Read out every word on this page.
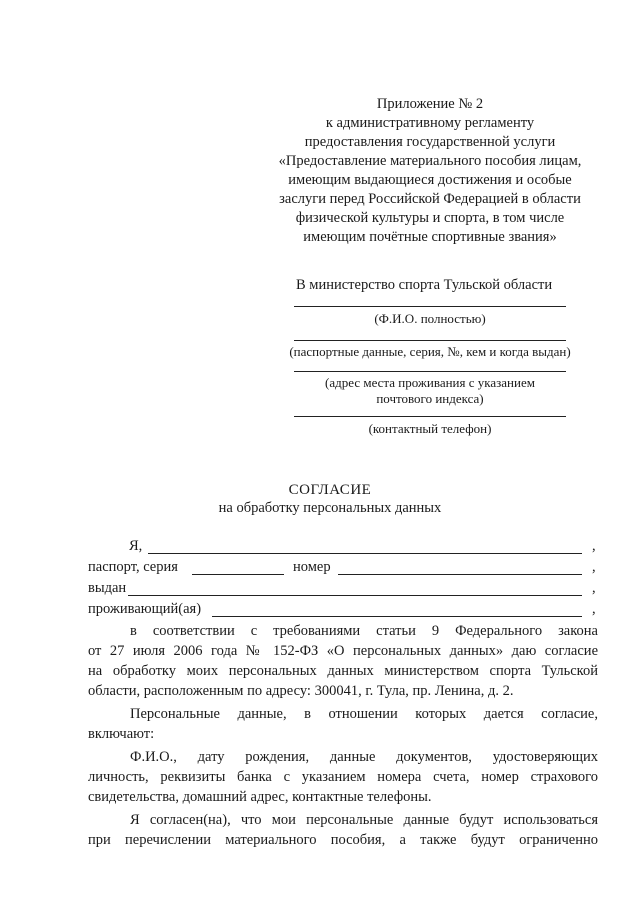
Приложение № 2
к административному регламенту
предоставления государственной услуги
«Предоставление материального пособия лицам,
имеющим выдающиеся достижения и особые
заслуги перед Российской Федерацией в области
физической культуры и спорта, в том числе
имеющим почётные спортивные звания»
В министерство спорта Тульской области
(Ф.И.О. полностью)
(паспортные данные, серия, №, кем и когда выдан)
(адрес места проживания с указанием
почтового индекса)
(контактный телефон)
СОГЛАСИЕ
на обработку персональных данных
Я,	,
паспорт, серия	номер	,
выдан	,
проживающий(ая)	,
в соответствии с требованиями статьи 9 Федерального закона
от 27 июля 2006 года № 152-ФЗ «О персональных данных» даю согласие
на обработку моих персональных данных министерством спорта Тульской
области, расположенным по адресу: 300041, г. Тула, пр. Ленина, д. 2.
Персональные данные, в отношении которых дается согласие,
включают:
Ф.И.О., дату рождения, данные документов, удостоверяющих
личность, реквизиты банка с указанием номера счета, номер страхового
свидетельства, домашний адрес, контактные телефоны.
Я согласен(на), что мои персональные данные будут использоваться
при перечислении материального пособия, а также будут ограниченно
